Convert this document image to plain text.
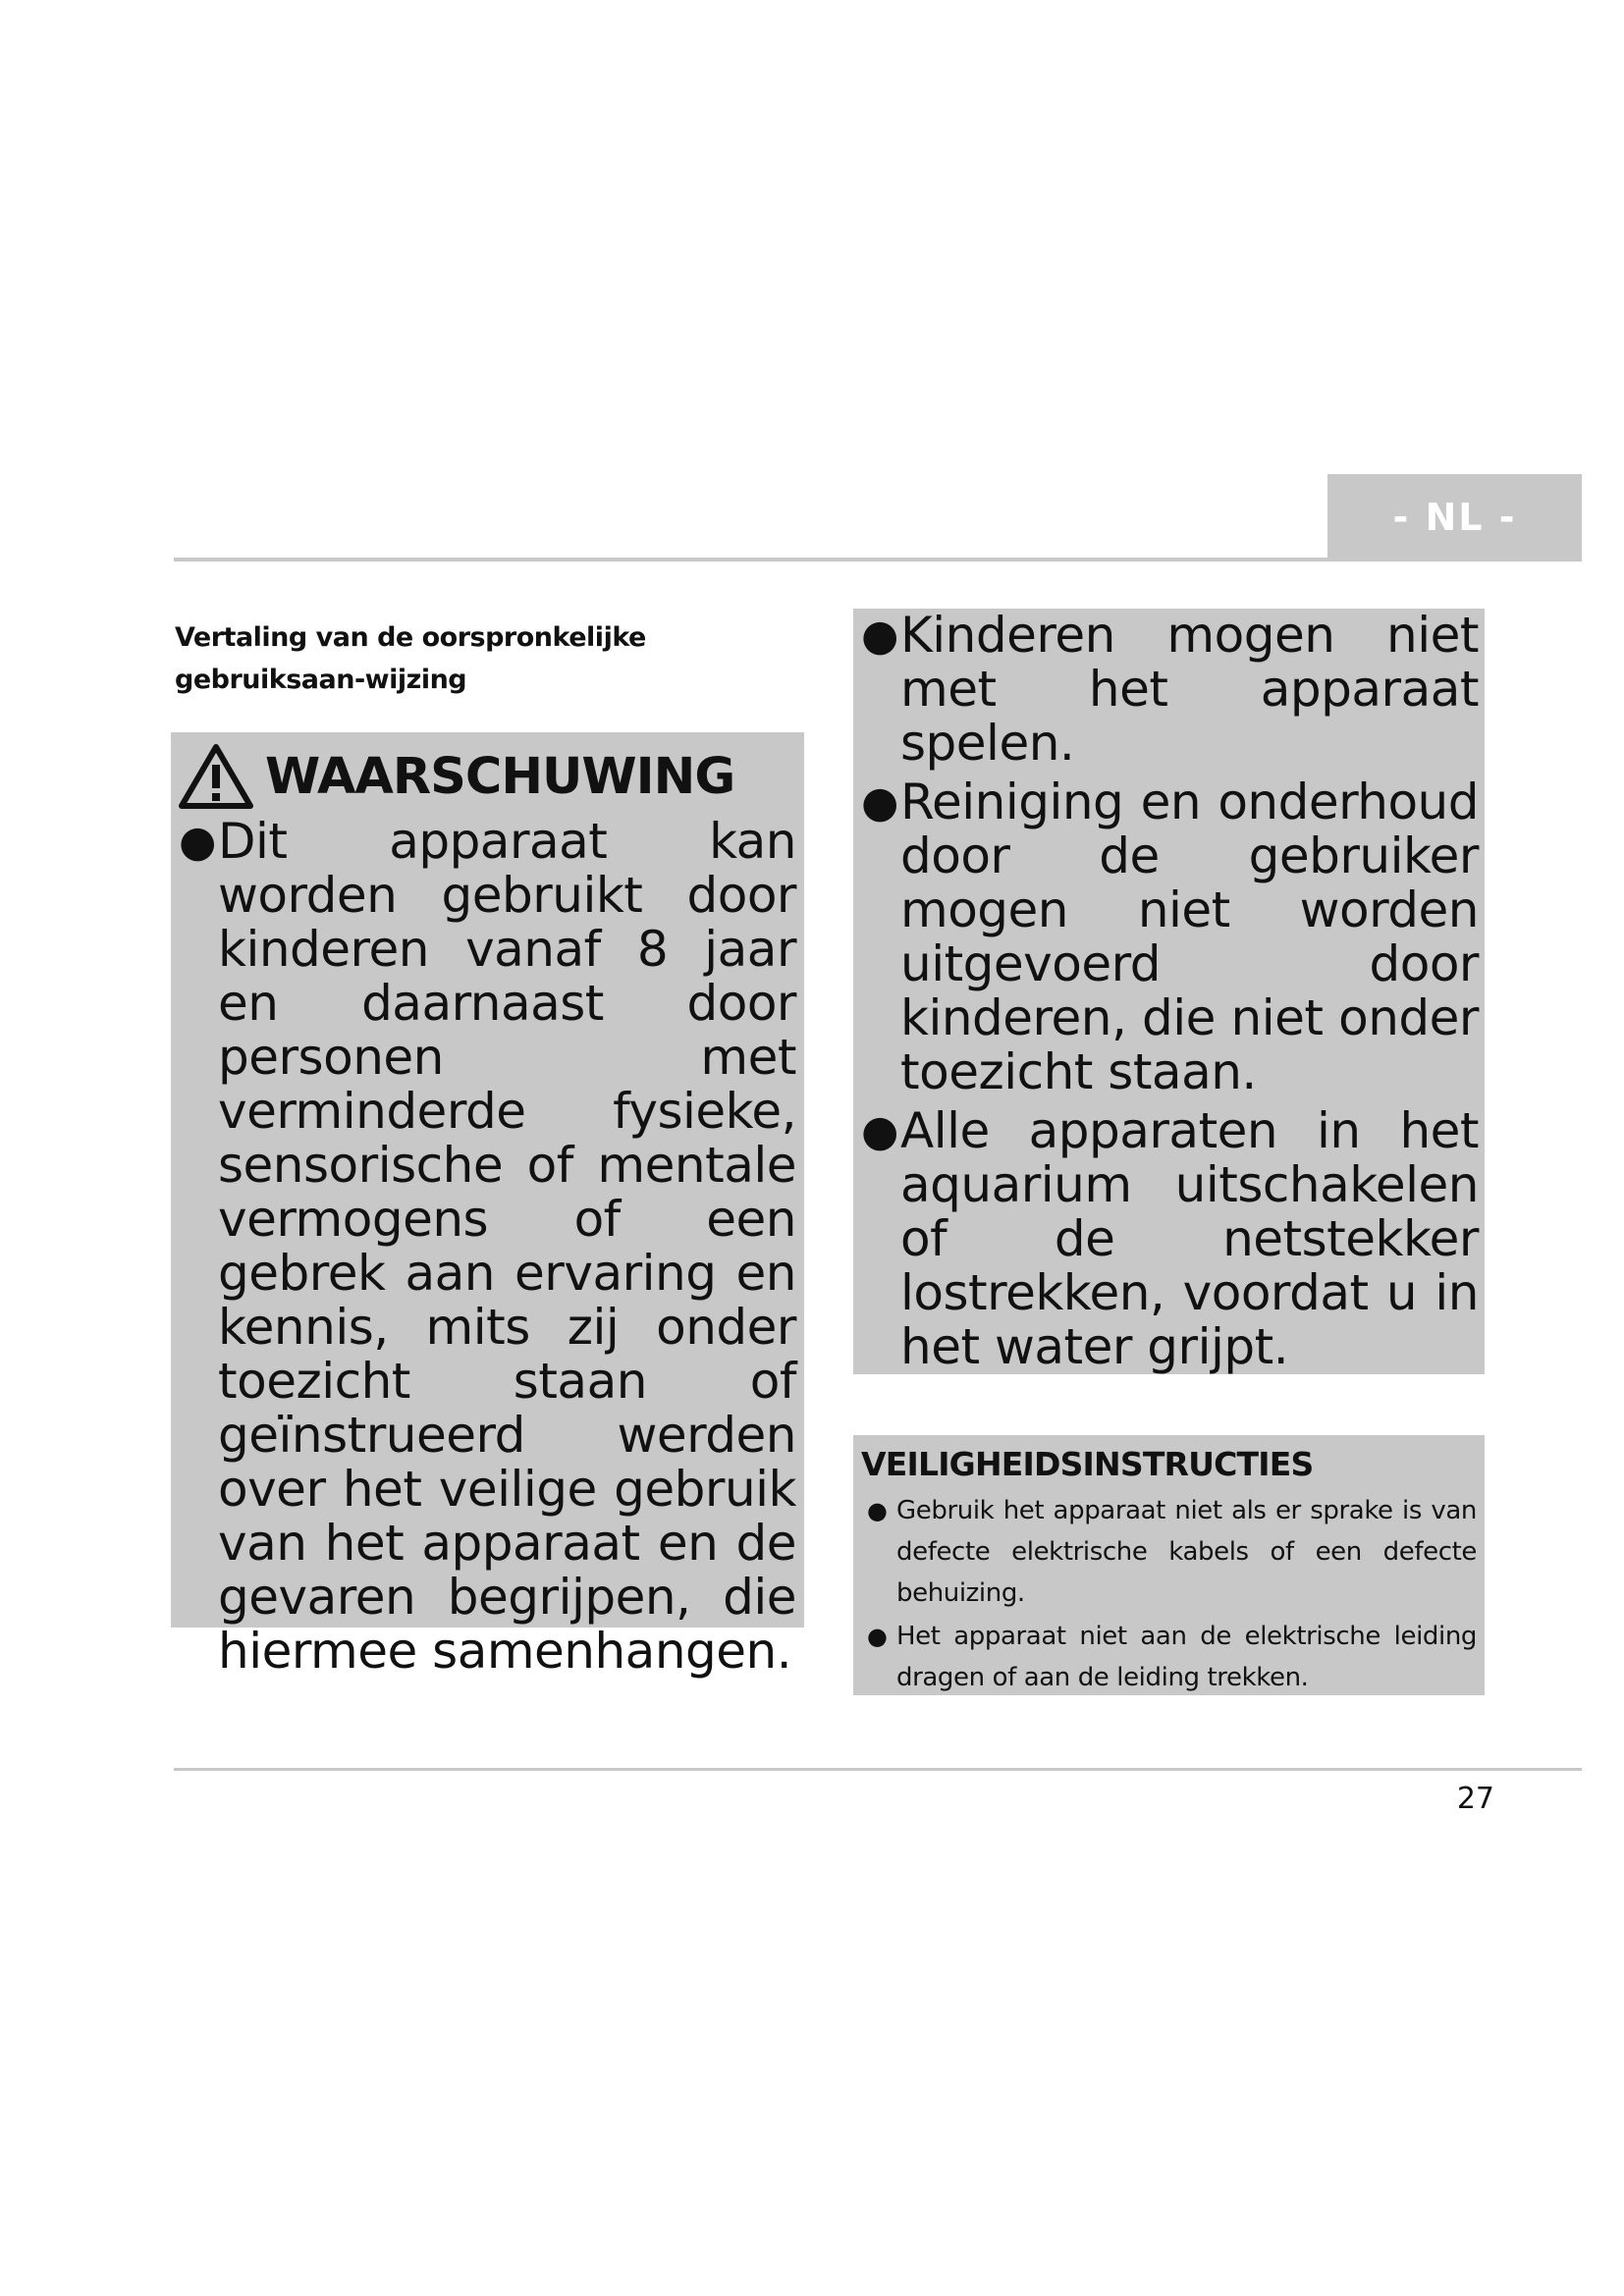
- NL -
Vertaling van de oorspronkelijke gebruiksaan-wijzing
WAARSCHUWING
● Dit apparaat kan worden gebruikt door kinderen vanaf 8 jaar en daarnaast door personen met verminderde fysieke, sensorische of mentale vermogens of een gebrek aan ervaring en kennis, mits zij onder toezicht staan of geïnstrueerd werden over het veilige gebruik van het apparaat en de gevaren begrijpen, die hiermee samenhangen.
● Kinderen mogen niet met het apparaat spelen.
● Reiniging en onderhoud door de gebruiker mogen niet worden uitgevoerd door kinderen, die niet onder toezicht staan.
● Alle apparaten in het aquarium uitschakelen of de netstekker lostrekken, voordat u in het water grijpt.
VEILIGHEIDSINSTRUCTIES
● Gebruik het apparaat niet als er sprake is van defecte elektrische kabels of een defecte behuizing.
● Het apparaat niet aan de elektrische leiding dragen of aan de leiding trekken.
27
